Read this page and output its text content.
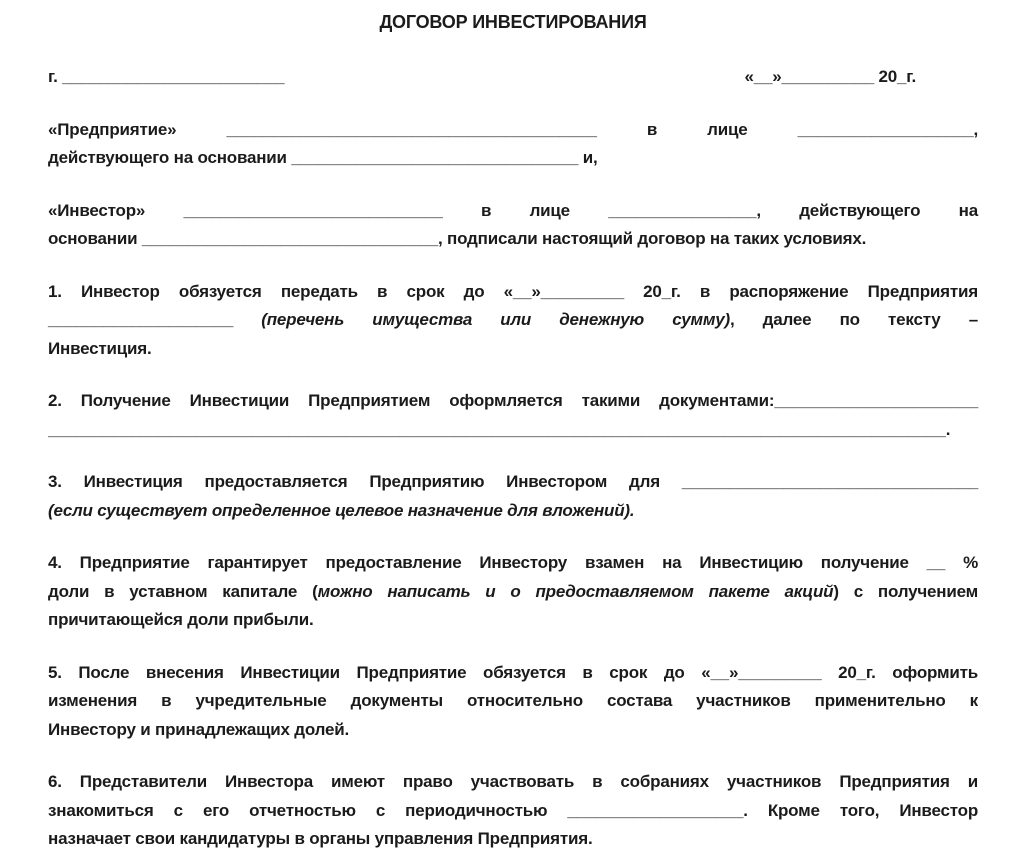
ДОГОВОР ИНВЕСТИРОВАНИЯ
г. ________________________	«__»__________ 20_г.
«Предприятие» ________________________________________ в лице ___________________,
действующего на основании _______________________________ и,
«Инвестор» ____________________________ в лице ________________, действующего на
основании ________________________________, подписали настоящий договор на таких условиях.
1. Инвестор обязуется передать в срок до «__»_________ 20_г. в распоряжение Предприятия
____________________ (перечень имущества или денежную сумму), далее по тексту –
Инвестиция.
2. Получение Инвестиции Предприятием оформляется такими документами:______________________
_________________________________________________________________________________________________.
3. Инвестиция предоставляется Предприятию Инвестором для ________________________________
(если существует определенное целевое назначение для вложений).
4. Предприятие гарантирует предоставление Инвестору взамен на Инвестицию получение __ %
доли в уставном капитале (можно написать и о предоставляемом пакете акций) с получением
причитающейся доли прибыли.
5. После внесения Инвестиции Предприятие обязуется в срок до «__»_________ 20_г. оформить
изменения в учредительные документы относительно состава участников применительно к
Инвестору и принадлежащих долей.
6. Представители Инвестора имеют право участвовать в собраниях участников Предприятия и
знакомиться с его отчетностью с периодичностью ___________________. Кроме того, Инвестор
назначает свои кандидатуры в органы управления Предприятия.
